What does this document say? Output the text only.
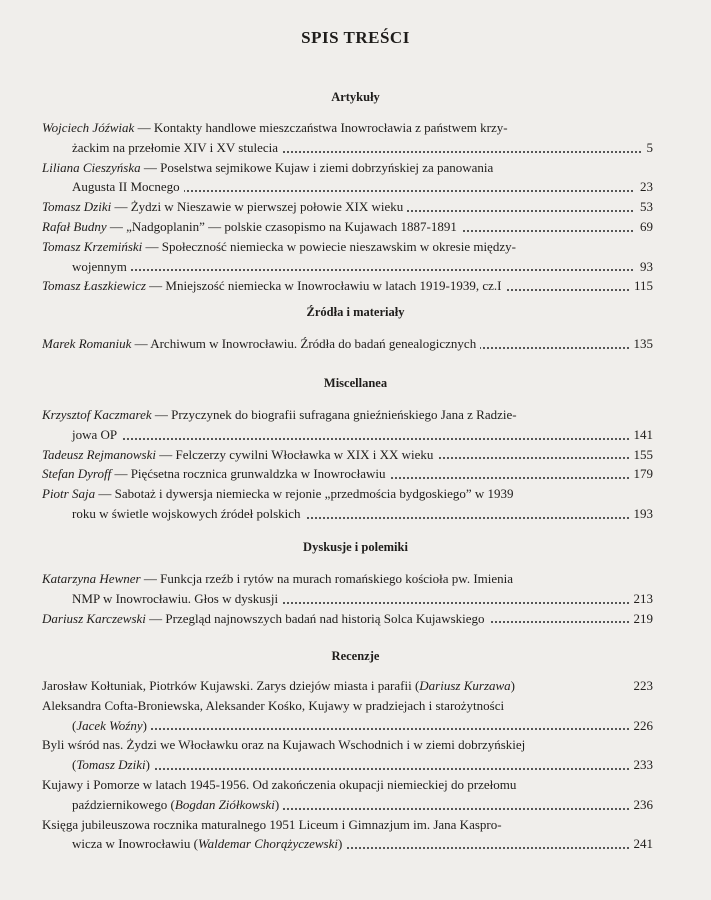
SPIS TREŚCI
Artykuły
Wojciech Jóźwiak — Kontakty handlowe mieszczaństwa Inowrocławia z państwem krzy-
żackim na przełomie XIV i XV stulecia	5
Liliana Cieszyńska — Poselstwa sejmikowe Kujaw i ziemi dobrzyńskiej za panowania
Augusta II Mocnego	23
Tomasz Dziki — Żydzi w Nieszawie w pierwszej połowie XIX wieku	53
Rafał Budny — „Nadgoplanin” — polskie czasopismo na Kujawach 1887-1891	69
Tomasz Krzemiński — Społeczność niemiecka w powiecie nieszawskim w okresie między-
wojennym	93
Tomasz Łaszkiewicz — Mniejszość niemiecka w Inowrocławiu w latach 1919-1939, cz.I	115
Źródła i materiały
Marek Romaniuk — Archiwum w Inowrocławiu. Źródła do badań genealogicznych	135
Miscellanea
Krzysztof Kaczmarek — Przyczynek do biografii sufragana gnieźnieńskiego Jana z Radzie-
jowa OP	141
Tadeusz Rejmanowski — Felczerzy cywilni Włocławka w XIX i XX wieku	155
Stefan Dyroff — Pięćsetna rocznica grunwaldzka w Inowrocławiu	179
Piotr Saja — Sabotaż i dywersja niemiecka w rejonie „przedmościa bydgoskiego” w 1939
roku w świetle wojskowych źródeł polskich	193
Dyskusje i polemiki
Katarzyna Hewner — Funkcja rzeźb i rytów na murach romańskiego kościoła pw. Imienia
NMP w Inowrocławiu. Głos w dyskusji	213
Dariusz Karczewski — Przegląd najnowszych badań nad historią Solca Kujawskiego	219
Recenzje
Jarosław Kołtuniak, Piotrków Kujawski. Zarys dziejów miasta i parafii (Dariusz Kurzawa)	223
Aleksandra Cofta-Broniewska, Aleksander Kośko, Kujawy w pradziejach i starożytności
(Jacek Woźny)	226
Byli wśród nas. Żydzi we Włocławku oraz na Kujawach Wschodnich i w ziemi dobrzyńskiej
(Tomasz Dziki)	233
Kujawy i Pomorze w latach 1945-1956. Od zakończenia okupacji niemieckiej do przełomu
październikowego (Bogdan Ziółkowski)	236
Księga jubileuszowa rocznika maturalnego 1951 Liceum i Gimnazjum im. Jana Kaspro-
wicza w Inowrocławiu (Waldemar Chorążyczewski)	241
